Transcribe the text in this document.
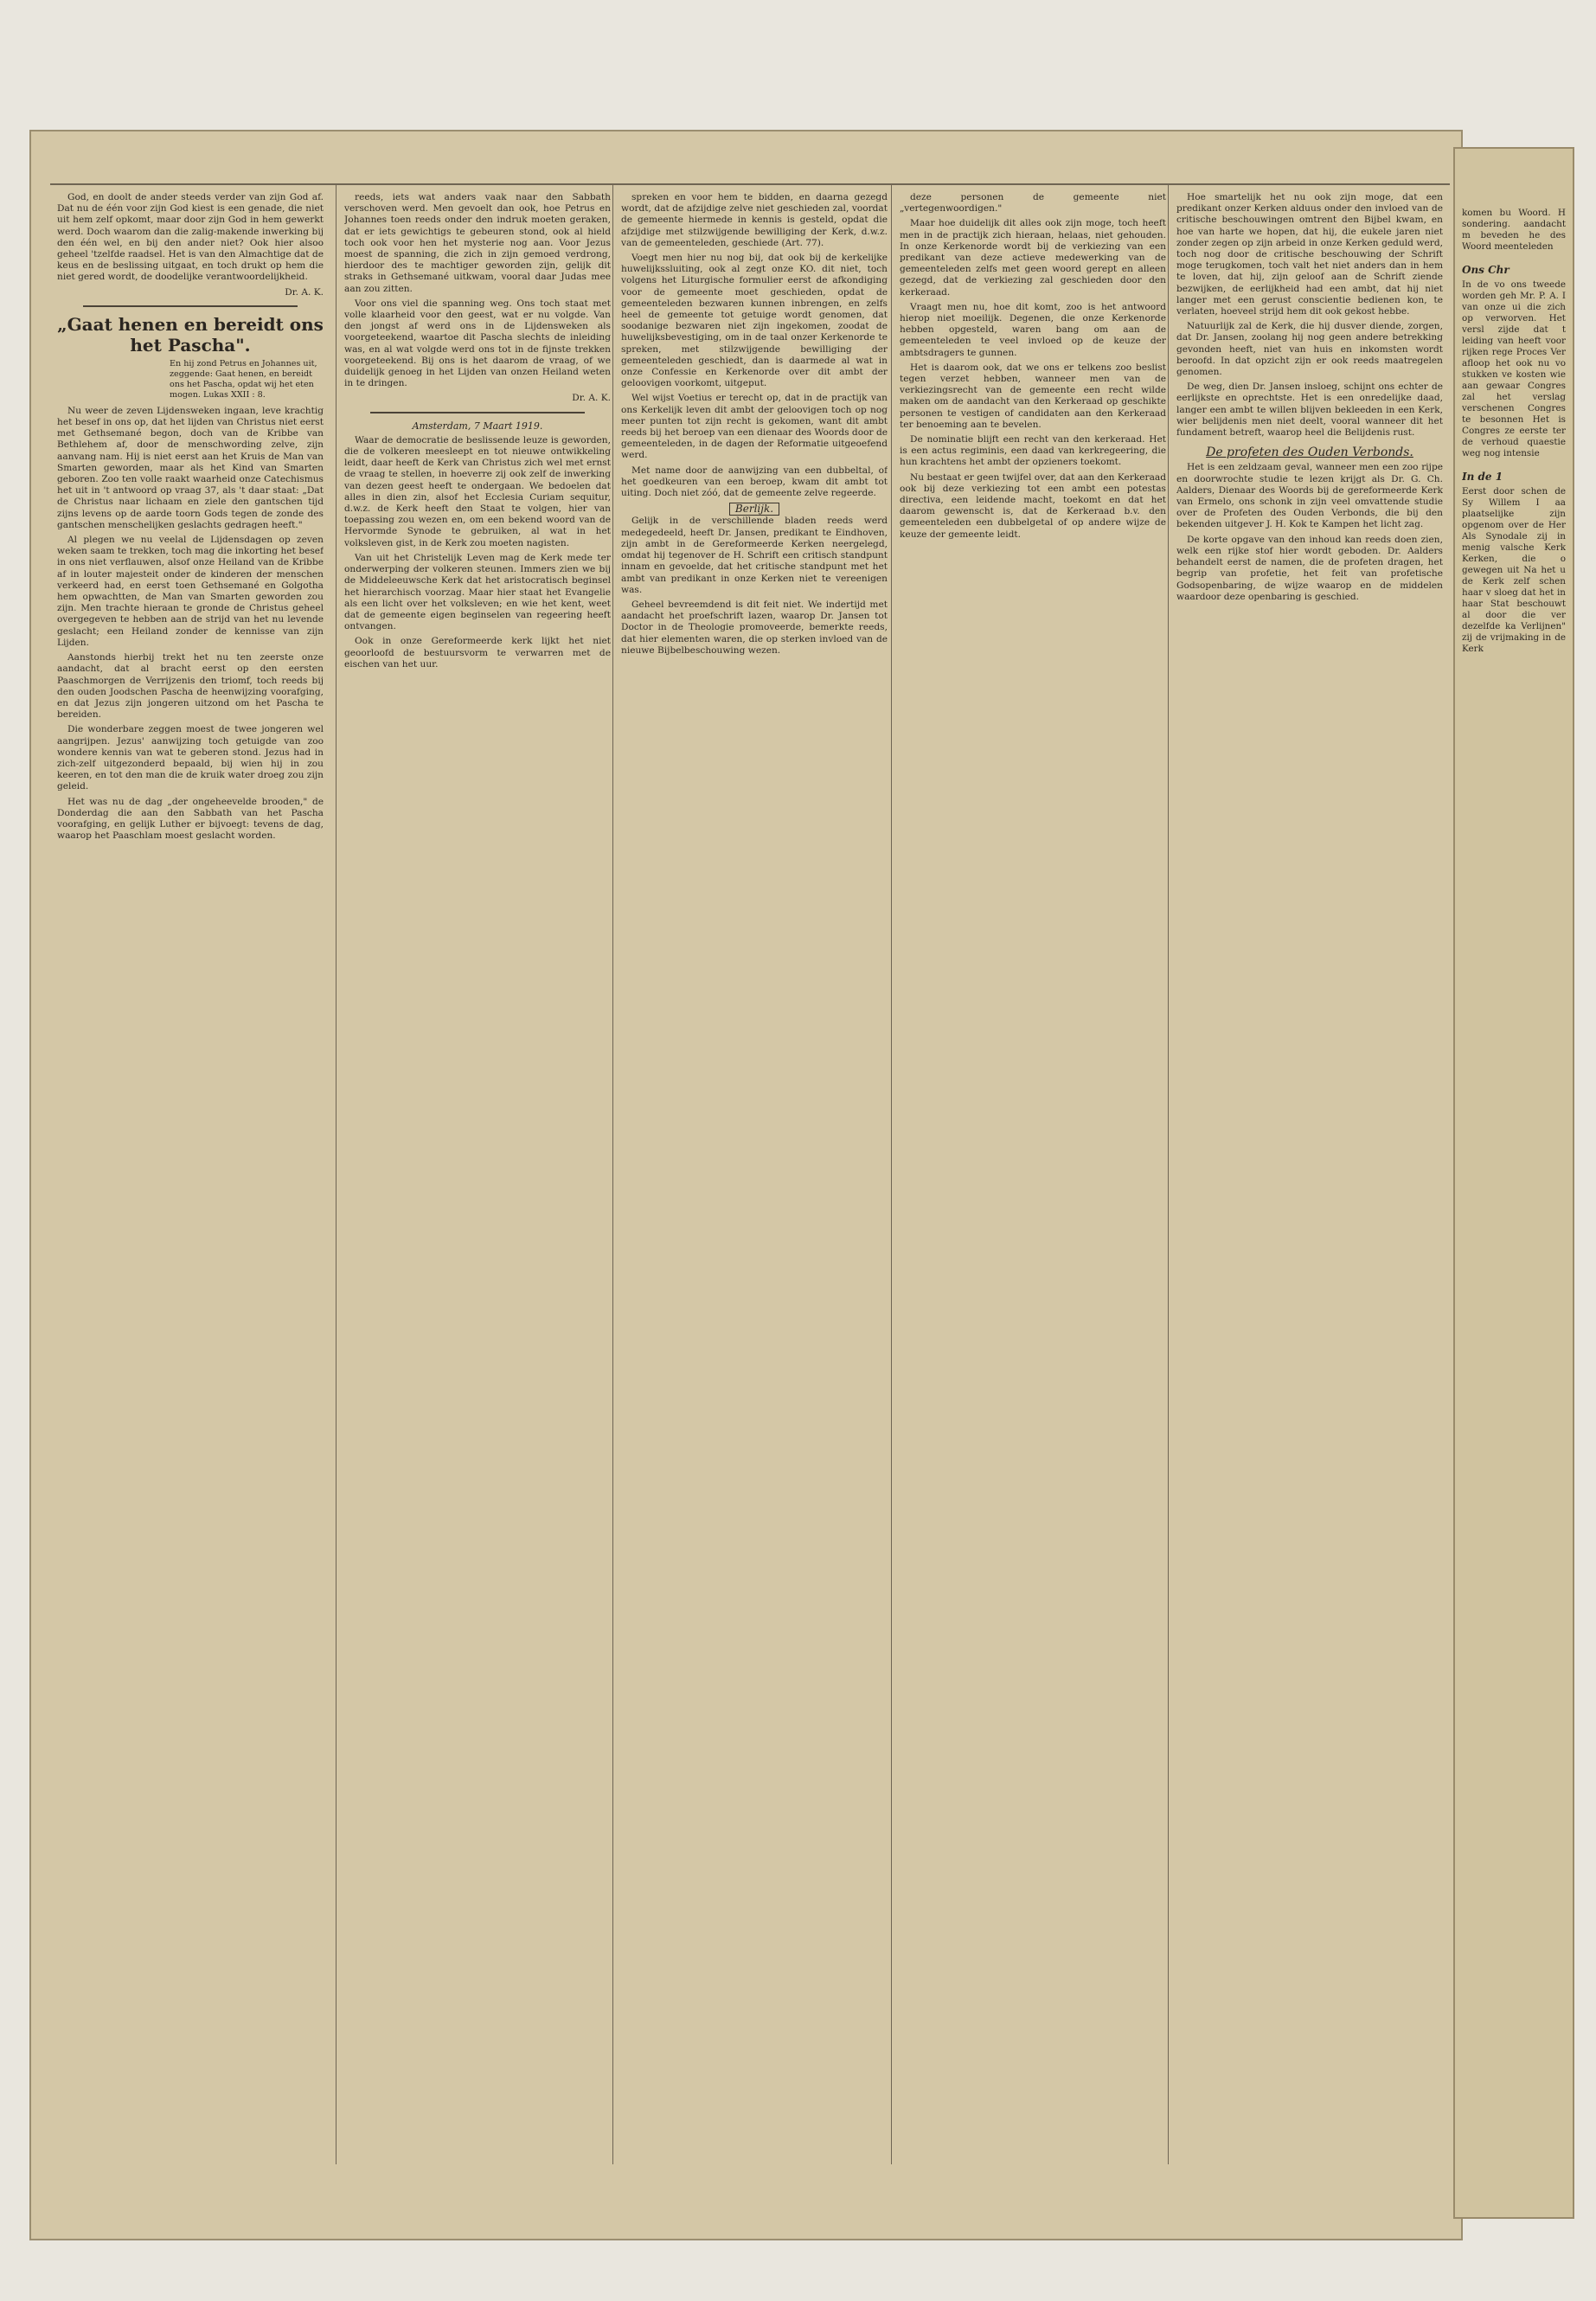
komen bu Woord. H sondering. aandacht m beveden he des Woord meenteleden

Ons Chr

In de vo ons tweede worden geh Mr. P. A. I van onze ui die zich op verworven. Het versl zijde dat t leiding van heeft voor rijken rege Proces Ver afloop het ook nu vo stukken ve kosten wie aan gewaar Congres zal het verslag verschenen Congres te besonnen Het is Congres ze eerste ter de verhoud quaestie weg nog intensie

In de 1

Eerst door schen de Sy Willem I aa plaatselijke zijn opgenom over de Her Als Synodale zij in menig valsche Kerk Kerken, die o gewegen uit Na het u de Kerk zelf schen haar v sloeg dat het in haar Stat beschouwt al door die ver dezelfde ka Verlijnen" zij de vrijmaking in de Kerk

God, en doolt de ander steeds verder van zijn God af. Dat nu de één voor zijn God kiest is een genade, die niet uit hem zelf opkomt, maar door zijn God in hem gewerkt werd. Doch waarom dan die zalig-makende inwerking bij den één wel, en bij den ander niet? Ook hier alsoo geheel 'tzelfde raadsel. Het is van den Almachtige dat de keus en de beslissing uitgaat, en toch drukt op hem die niet gered wordt, de doodelijke verantwoordelijkheid.

Dr. A. K.
„Gaat henen en bereidt ons het Pascha".
En hij zond Petrus en Johannes uit, zeggende: Gaat henen, en bereidt ons het Pascha, opdat wij het eten mogen. Lukas XXII : 8.

Nu weer de zeven Lijdensweken ingaan, leve krachtig het besef in ons op, dat het lijden van Christus niet eerst met Gethsemané begon, doch van de Kribbe van Bethlehem af, door de menschwording zelve, zijn aanvang nam. Hij is niet eerst aan het Kruis de Man van Smarten geworden, maar als het Kind van Smarten geboren. Zoo ten volle raakt waarheid onze Catechismus het uit in 't antwoord op vraag 37, als 't daar staat: „Dat de Christus naar lichaam en ziele den gantschen tijd zijns levens op de aarde toorn Gods tegen de zonde des gantschen menschelijken geslachts gedragen heeft."

Al plegen we nu veelal de Lijdensdagen op zeven weken saam te trekken, toch mag die inkorting het besef in ons niet verflauwen, alsof onze Heiland van de Kribbe af in louter majesteit onder de kinderen der menschen verkeerd had, en eerst toen Gethsemané en Golgotha hem opwachtten, de Man van Smarten geworden zou zijn. Men trachte hieraan te gronde de Christus geheel overgegeven te hebben aan de strijd van het nu levende geslacht; een Heiland zonder de kennisse van zijn Lijden.

Aanstonds hierbij trekt het nu ten zeerste onze aandacht, dat al bracht eerst op den eersten Paaschmorgen de Verrijzenis den triomf, toch reeds bij den ouden Joodschen Pascha de heenwijzing voorafging, en dat Jezus zijn jongeren uitzond om het Pascha te bereiden.

Die wonderbare zeggen moest de twee jongeren wel aangrijpen. Jezus' aanwijzing toch getuigde van zoo wondere kennis van wat te geberen stond. Jezus had in zich-zelf uitgezonderd bepaald, bij wien hij in zou keeren, en tot den man die de kruik water droeg zou zijn geleid.

Het was nu de dag „der ongeheevelde brooden," de Donderdag die aan den Sabbath van het Pascha voorafging, en gelijk Luther er bijvoegt: tevens de dag, waarop het Paaschlam moest geslacht worden.

reeds, iets wat anders vaak naar den Sabbath verschoven werd. Men gevoelt dan ook, hoe Petrus en Johannes toen reeds onder den indruk moeten geraken, dat er iets gewichtigs te gebeuren stond, ook al hield toch ook voor hen het mysterie nog aan. Voor Jezus moest de spanning, die zich in zijn gemoed verdrong, hierdoor des te machtiger geworden zijn, gelijk dit straks in Gethsemané uitkwam, vooral daar Judas mee aan zou zitten.

Voor ons viel die spanning weg. Ons toch staat met volle klaarheid voor den geest, wat er nu volgde. Van den jongst af werd ons in de Lijdensweken als voorgeteekend, waartoe dit Pascha slechts de inleiding was, en al wat volgde werd ons tot in de fijnste trekken voorgeteekend. Bij ons is het daarom de vraag, of we duidelijk genoeg in het Lijden van onzen Heiland weten in te dringen.

Dr. A. K.
Amsterdam, 7 Maart 1919.

Waar de democratie de beslissende leuze is geworden, die de volkeren meesleept en tot nieuwe ontwikkeling leidt, daar heeft de Kerk van Christus zich wel met ernst de vraag te stellen, in hoeverre zij ook zelf de inwerking van dezen geest heeft te ondergaan. We bedoelen dat alles in dien zin, alsof het Ecclesia Curiam sequitur, d.w.z. de Kerk heeft den Staat te volgen, hier van toepassing zou wezen en, om een bekend woord van de Hervormde Synode te gebruiken, al wat in het volksleven gist, in de Kerk zou moeten nagisten.

Van uit het Christelijk Leven mag de Kerk mede ter onderwerping der volkeren steunen. Immers zien we bij de Middeleeuwsche Kerk dat het aristocratisch beginsel het hierarchisch voorzag. Maar hier staat het Evangelie als een licht over het volksleven; en wie het kent, weet dat de gemeente eigen beginselen van regeering heeft ontvangen.

Ook in onze Gereformeerde kerk lijkt het niet geoorloofd de bestuursvorm te verwarren met de eischen van het uur.

spreken en voor hem te bidden, en daarna gezegd wordt, dat de afzijdige zelve niet geschieden zal, voordat de gemeente hiermede in kennis is gesteld, opdat die afzijdige met stilzwijgende bewilliging der Kerk, d.w.z. van de gemeenteleden, geschiede (Art. 77).

Voegt men hier nu nog bij, dat ook bij de kerkelijke huwelijkssluiting, ook al zegt onze KO. dit niet, toch volgens het Liturgische formulier eerst de afkondiging voor de gemeente moet geschieden, opdat de gemeenteleden bezwaren kunnen inbrengen, en zelfs heel de gemeente tot getuige wordt genomen, dat soodanige bezwaren niet zijn ingekomen, zoodat de huwelijksbevestiging, om in de taal onzer Kerkenorde te spreken, met stilzwijgende bewilliging der gemeenteleden geschiedt, dan is daarmede al wat in onze Confessie en Kerkenorde over dit ambt der geloovigen voorkomt, uitgeput.

Wel wijst Voetius er terecht op, dat in de practijk van ons Kerkelijk leven dit ambt der geloovigen toch op nog meer punten tot zijn recht is gekomen, want dit ambt reeds bij het beroep van een dienaar des Woords door de gemeenteleden, in de dagen der Reformatie uitgeoefend werd.

Met name door de aanwijzing van een dubbeltal, of het goedkeuren van een beroep, kwam dit ambt tot uiting. Doch niet zóó, dat de gemeente zelve regeerde.

Berlijk.

Gelijk in de verschillende bladen reeds werd medegedeeld, heeft Dr. Jansen, predikant te Eindhoven, zijn ambt in de Gereformeerde Kerken neergelegd, omdat hij tegenover de H. Schrift een critisch standpunt innam en gevoelde, dat het critische standpunt met het ambt van predikant in onze Kerken niet te vereenigen was.

Geheel bevreemdend is dit feit niet. We indertijd met aandacht het proefschrift lazen, waarop Dr. Jansen tot Doctor in de Theologie promoveerde, bemerkte reeds, dat hier elementen waren, die op sterken invloed van de nieuwe Bijbelbeschouwing wezen.

deze personen de gemeente niet „vertegenwoordigen."

Maar hoe duidelijk dit alles ook zijn moge, toch heeft men in de practijk zich hieraan, helaas, niet gehouden. In onze Kerkenorde wordt bij de verkiezing van een predikant van deze actieve medewerking van de gemeenteleden zelfs met geen woord gerept en alleen gezegd, dat de verkiezing zal geschieden door den kerkeraad.

Vraagt men nu, hoe dit komt, zoo is het antwoord hierop niet moeilijk. Degenen, die onze Kerkenorde hebben opgesteld, waren bang om aan de gemeenteleden te veel invloed op de keuze der ambtsdragers te gunnen.

Het is daarom ook, dat we ons er telkens zoo beslist tegen verzet hebben, wanneer men van de verkiezingsrecht van de gemeente een recht wilde maken om de aandacht van den Kerkeraad op geschikte personen te vestigen of candidaten aan den Kerkeraad ter benoeming aan te bevelen.

De nominatie blijft een recht van den kerkeraad. Het is een actus regiminis, een daad van kerkregeering, die hun krachtens het ambt der opzieners toekomt.

Nu bestaat er geen twijfel over, dat aan den Kerkeraad ook bij deze verkiezing tot een ambt een potestas directiva, een leidende macht, toekomt en dat het daarom gewenscht is, dat de Kerkeraad b.v. den gemeenteleden een dubbelgetal of op andere wijze de keuze der gemeente leidt.

Hoe smartelijk het nu ook zijn moge, dat een predikant onzer Kerken alduus onder den invloed van de critische beschouwingen omtrent den Bijbel kwam, en hoe van harte we hopen, dat hij, die eukele jaren niet zonder zegen op zijn arbeid in onze Kerken geduld werd, toch nog door de critische beschouwing der Schrift moge terugkomen, toch valt het niet anders dan in hem te loven, dat hij, zijn geloof aan de Schrift ziende bezwijken, de eerlijkheid had een ambt, dat hij niet langer met een gerust conscientie bedienen kon, te verlaten, hoeveel strijd hem dit ook gekost hebbe.

Natuurlijk zal de Kerk, die hij dusver diende, zorgen, dat Dr. Jansen, zoolang hij nog geen andere betrekking gevonden heeft, niet van huis en inkomsten wordt beroofd. In dat opzicht zijn er ook reeds maatregelen genomen.

De weg, dien Dr. Jansen insloeg, schijnt ons echter de eerlijkste en oprechtste. Het is een onredelijke daad, langer een ambt te willen blijven bekleeden in een Kerk, wier belijdenis men niet deelt, vooral wanneer dit het fundament betreft, waarop heel die Belijdenis rust.

De profeten des Ouden Verbonds.

Het is een zeldzaam geval, wanneer men een zoo rijpe en doorwrochte studie te lezen krijgt als Dr. G. Ch. Aalders, Dienaar des Woords bij de gereformeerde Kerk van Ermelo, ons schonk in zijn veel omvattende studie over de Profeten des Ouden Verbonds, die bij den bekenden uitgever J. H. Kok te Kampen het licht zag.

De korte opgave van den inhoud kan reeds doen zien, welk een rijke stof hier wordt geboden. Dr. Aalders behandelt eerst de namen, die de profeten dragen, het begrip van profetie, het feit van profetische Godsopenbaring, de wijze waarop en de middelen waardoor deze openbaring is geschied.
